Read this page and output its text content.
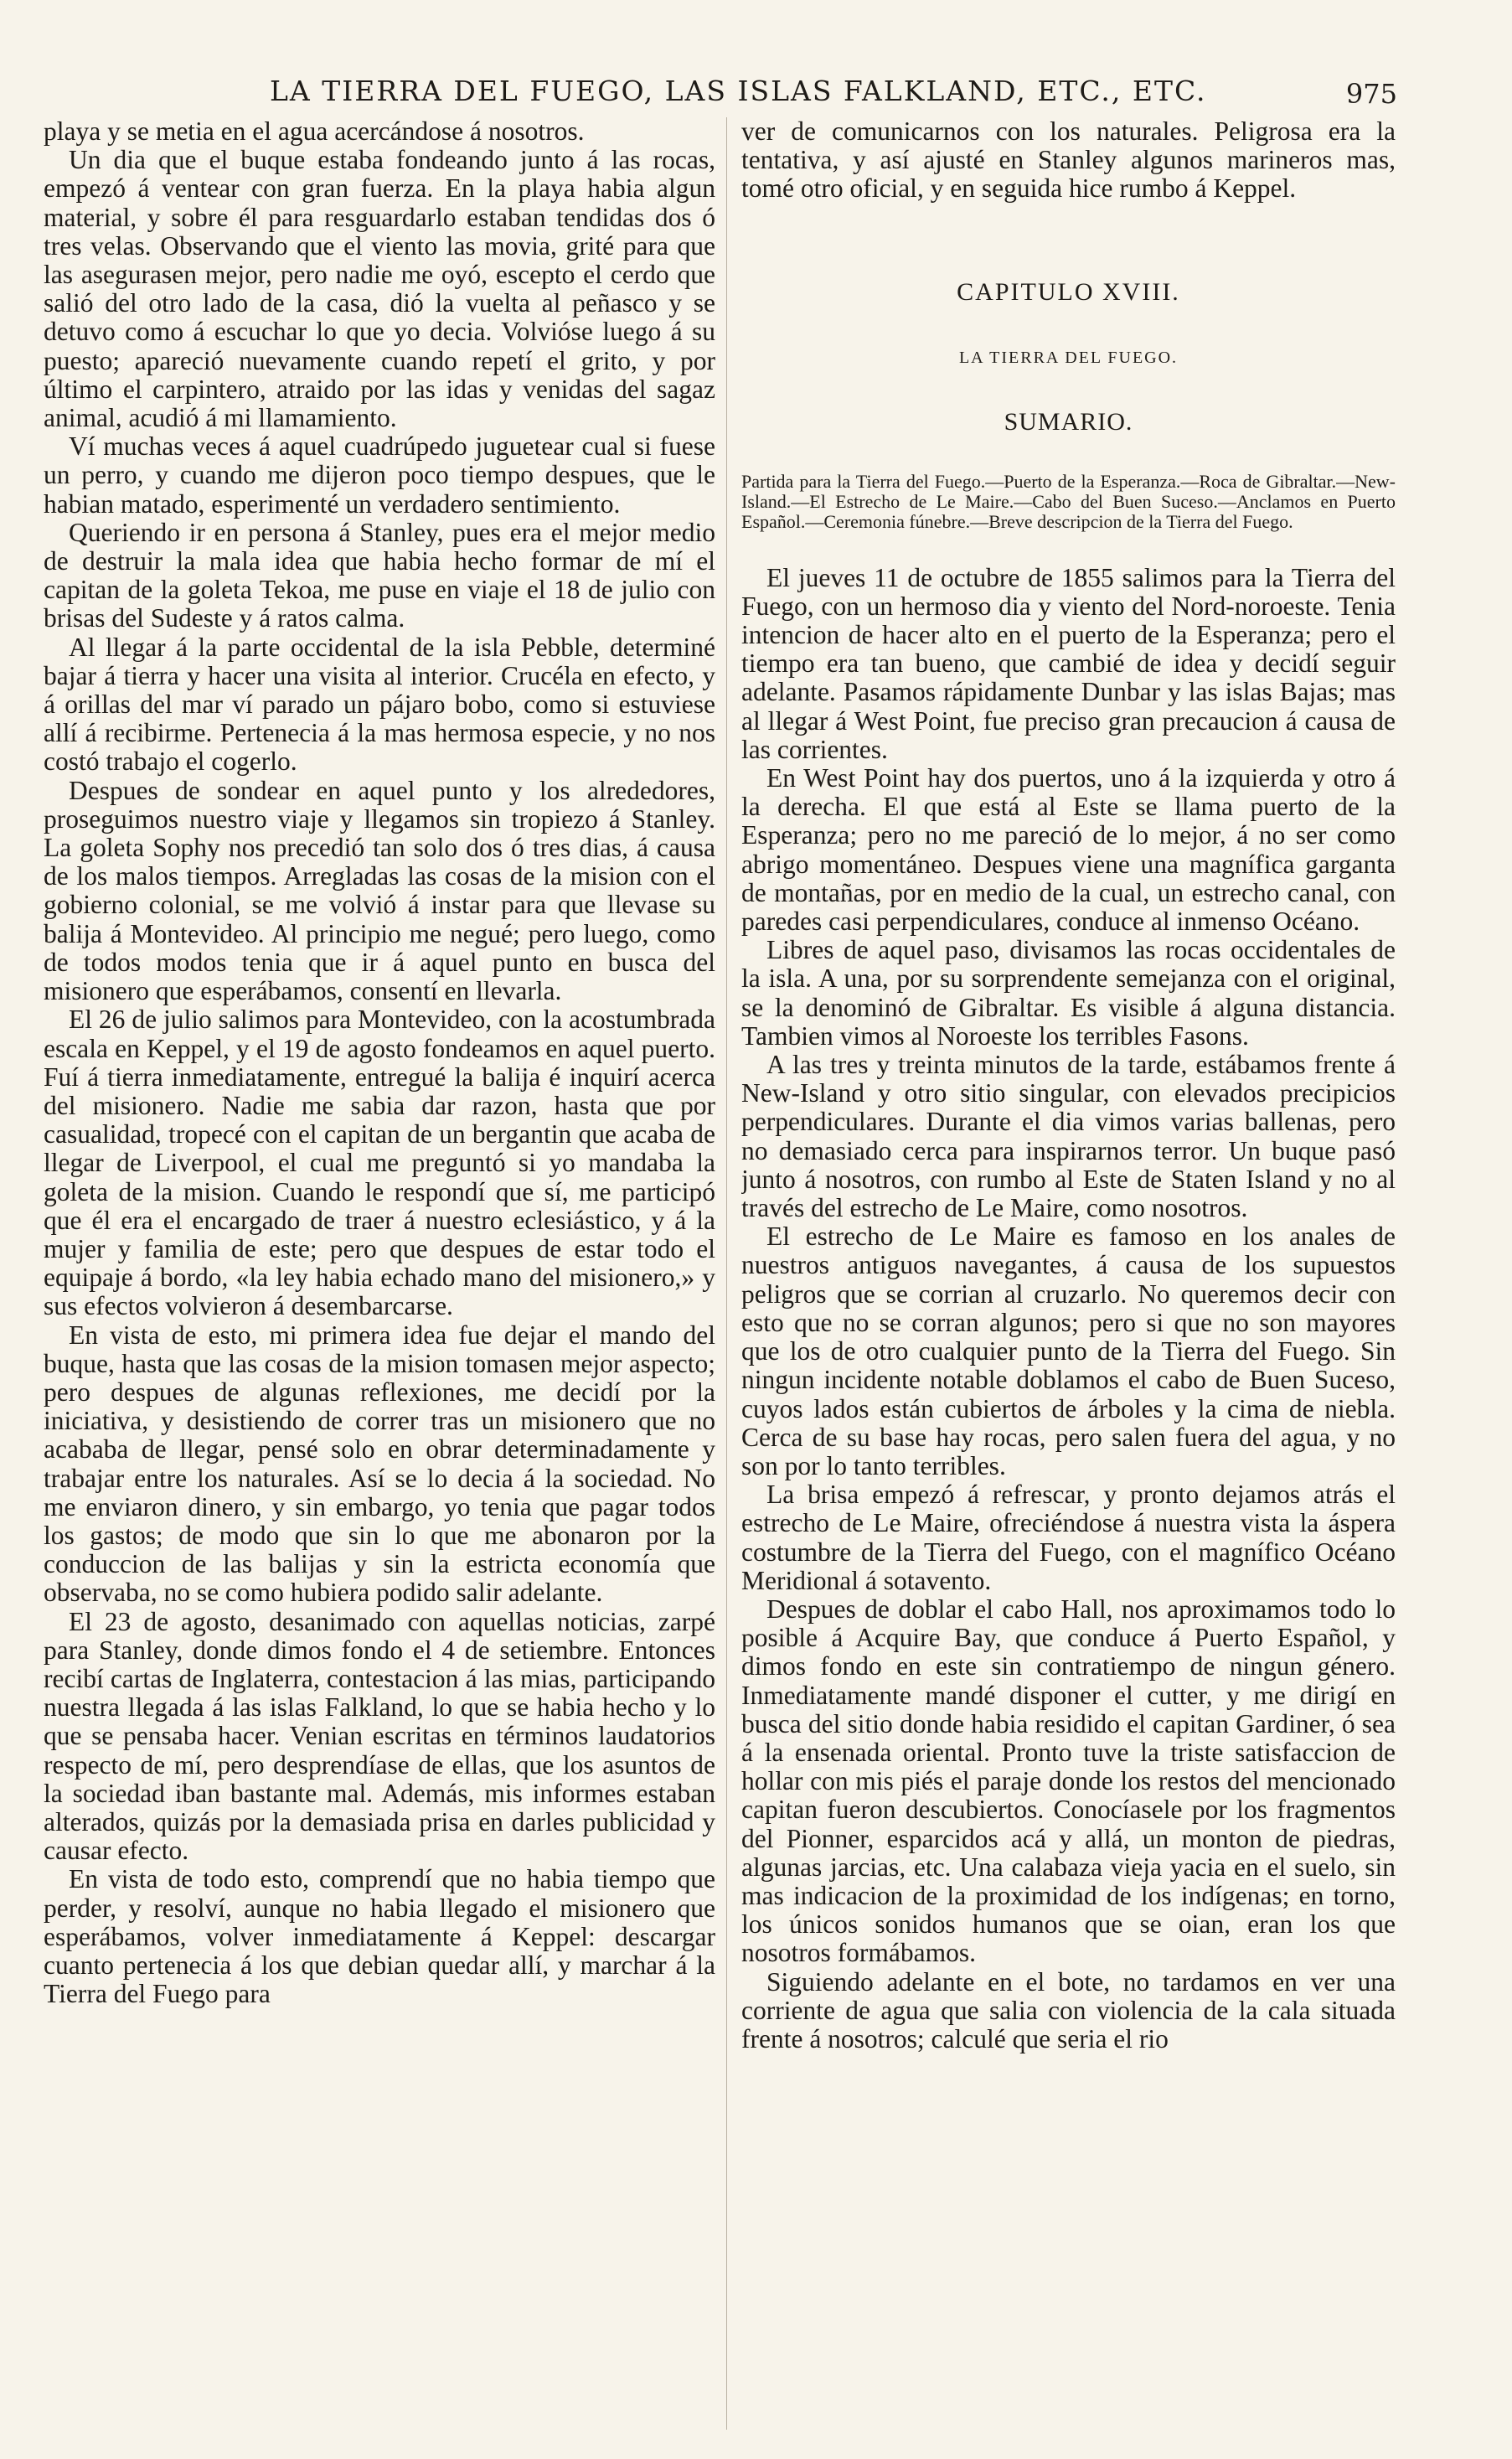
LA TIERRA DEL FUEGO, LAS ISLAS FALKLAND, ETC., ETC.	975

playa y se metia en el agua acercándose á nosotros.

Un dia que el buque estaba fondeando junto á las rocas, empezó á ventear con gran fuerza. En la playa habia algun material, y sobre él para resguardarlo estaban tendidas dos ó tres velas. Observando que el viento las movia, grité para que las asegurasen mejor, pero nadie me oyó, escepto el cerdo que salió del otro lado de la casa, dió la vuelta al peñasco y se detuvo como á escuchar lo que yo decia. Volvióse luego á su puesto; apareció nuevamente cuando repetí el grito, y por último el carpintero, atraido por las idas y venidas del sagaz animal, acudió á mi llamamiento.

Ví muchas veces á aquel cuadrúpedo juguetear cual si fuese un perro, y cuando me dijeron poco tiempo despues, que le habian matado, esperimenté un verdadero sentimiento.

Queriendo ir en persona á Stanley, pues era el mejor medio de destruir la mala idea que habia hecho formar de mí el capitan de la goleta Tekoa, me puse en viaje el 18 de julio con brisas del Sudeste y á ratos calma.

Al llegar á la parte occidental de la isla Pebble, determiné bajar á tierra y hacer una visita al interior. Crucéla en efecto, y á orillas del mar ví parado un pájaro bobo, como si estuviese allí á recibirme. Pertenecia á la mas hermosa especie, y no nos costó trabajo el cogerlo.

Despues de sondear en aquel punto y los alrededores, proseguimos nuestro viaje y llegamos sin tropiezo á Stanley. La goleta Sophy nos precedió tan solo dos ó tres dias, á causa de los malos tiempos. Arregladas las cosas de la mision con el gobierno colonial, se me volvió á instar para que llevase su balija á Montevideo. Al principio me negué; pero luego, como de todos modos tenia que ir á aquel punto en busca del misionero que esperábamos, consentí en llevarla.

El 26 de julio salimos para Montevideo, con la acostumbrada escala en Keppel, y el 19 de agosto fondeamos en aquel puerto. Fuí á tierra inmediatamente, entregué la balija é inquirí acerca del misionero. Nadie me sabia dar razon, hasta que por casualidad, tropecé con el capitan de un bergantin que acaba de llegar de Liverpool, el cual me preguntó si yo mandaba la goleta de la mision. Cuando le respondí que sí, me participó que él era el encargado de traer á nuestro eclesiástico, y á la mujer y familia de este; pero que despues de estar todo el equipaje á bordo, «la ley habia echado mano del misionero,» y sus efectos volvieron á desembarcarse.

En vista de esto, mi primera idea fue dejar el mando del buque, hasta que las cosas de la mision tomasen mejor aspecto; pero despues de algunas reflexiones, me decidí por la iniciativa, y desistiendo de correr tras un misionero que no acababa de llegar, pensé solo en obrar determinadamente y trabajar entre los naturales. Así se lo decia á la sociedad. No me enviaron dinero, y sin embargo, yo tenia que pagar todos los gastos; de modo que sin lo que me abonaron por la conduccion de las balijas y sin la estricta economía que observaba, no se como hubiera podido salir adelante.

El 23 de agosto, desanimado con aquellas noticias, zarpé para Stanley, donde dimos fondo el 4 de setiembre. Entonces recibí cartas de Inglaterra, contestacion á las mias, participando nuestra llegada á las islas Falkland, lo que se habia hecho y lo que se pensaba hacer. Venian escritas en términos laudatorios respecto de mí, pero desprendíase de ellas, que los asuntos de la sociedad iban bastante mal. Además, mis informes estaban alterados, quizás por la demasiada prisa en darles publicidad y causar efecto.

En vista de todo esto, comprendí que no habia tiempo que perder, y resolví, aunque no habia llegado el misionero que esperábamos, volver inmediatamente á Keppel: descargar cuanto pertenecia á los que debian quedar allí, y marchar á la Tierra del Fuego para

ver de comunicarnos con los naturales. Peligrosa era la tentativa, y así ajusté en Stanley algunos marineros mas, tomé otro oficial, y en seguida hice rumbo á Keppel.

CAPITULO XVIII.
LA TIERRA DEL FUEGO.
SUMARIO.

Partida para la Tierra del Fuego.—Puerto de la Esperanza.—Roca de Gibraltar.—New-Island.—El Estrecho de Le Maire.—Cabo del Buen Suceso.—Anclamos en Puerto Español.—Ceremonia fúnebre.—Breve descripcion de la Tierra del Fuego.

El jueves 11 de octubre de 1855 salimos para la Tierra del Fuego, con un hermoso dia y viento del Nord-noroeste. Tenia intencion de hacer alto en el puerto de la Esperanza; pero el tiempo era tan bueno, que cambié de idea y decidí seguir adelante. Pasamos rápidamente Dunbar y las islas Bajas; mas al llegar á West Point, fue preciso gran precaucion á causa de las corrientes.

En West Point hay dos puertos, uno á la izquierda y otro á la derecha. El que está al Este se llama puerto de la Esperanza; pero no me pareció de lo mejor, á no ser como abrigo momentáneo. Despues viene una magnífica garganta de montañas, por en medio de la cual, un estrecho canal, con paredes casi perpendiculares, conduce al inmenso Océano.

Libres de aquel paso, divisamos las rocas occidentales de la isla. A una, por su sorprendente semejanza con el original, se la denominó de Gibraltar. Es visible á alguna distancia. Tambien vimos al Noroeste los terribles Fasons.

A las tres y treinta minutos de la tarde, estábamos frente á New-Island y otro sitio singular, con elevados precipicios perpendiculares. Durante el dia vimos varias ballenas, pero no demasiado cerca para inspirarnos terror. Un buque pasó junto á nosotros, con rumbo al Este de Staten Island y no al través del estrecho de Le Maire, como nosotros.

El estrecho de Le Maire es famoso en los anales de nuestros antiguos navegantes, á causa de los supuestos peligros que se corrian al cruzarlo. No queremos decir con esto que no se corran algunos; pero si que no son mayores que los de otro cualquier punto de la Tierra del Fuego. Sin ningun incidente notable doblamos el cabo de Buen Suceso, cuyos lados están cubiertos de árboles y la cima de niebla. Cerca de su base hay rocas, pero salen fuera del agua, y no son por lo tanto terribles.

La brisa empezó á refrescar, y pronto dejamos atrás el estrecho de Le Maire, ofreciéndose á nuestra vista la áspera costumbre de la Tierra del Fuego, con el magnífico Océano Meridional á sotavento.

Despues de doblar el cabo Hall, nos aproximamos todo lo posible á Acquire Bay, que conduce á Puerto Español, y dimos fondo en este sin contratiempo de ningun género. Inmediatamente mandé disponer el cutter, y me dirigí en busca del sitio donde habia residido el capitan Gardiner, ó sea á la ensenada oriental. Pronto tuve la triste satisfaccion de hollar con mis piés el paraje donde los restos del mencionado capitan fueron descubiertos. Conocíasele por los fragmentos del Pionner, esparcidos acá y allá, un monton de piedras, algunas jarcias, etc. Una calabaza vieja yacia en el suelo, sin mas indicacion de la proximidad de los indígenas; en torno, los únicos sonidos humanos que se oian, eran los que nosotros formábamos.

Siguiendo adelante en el bote, no tardamos en ver una corriente de agua que salia con violencia de la cala situada frente á nosotros; calculé que seria el rio
